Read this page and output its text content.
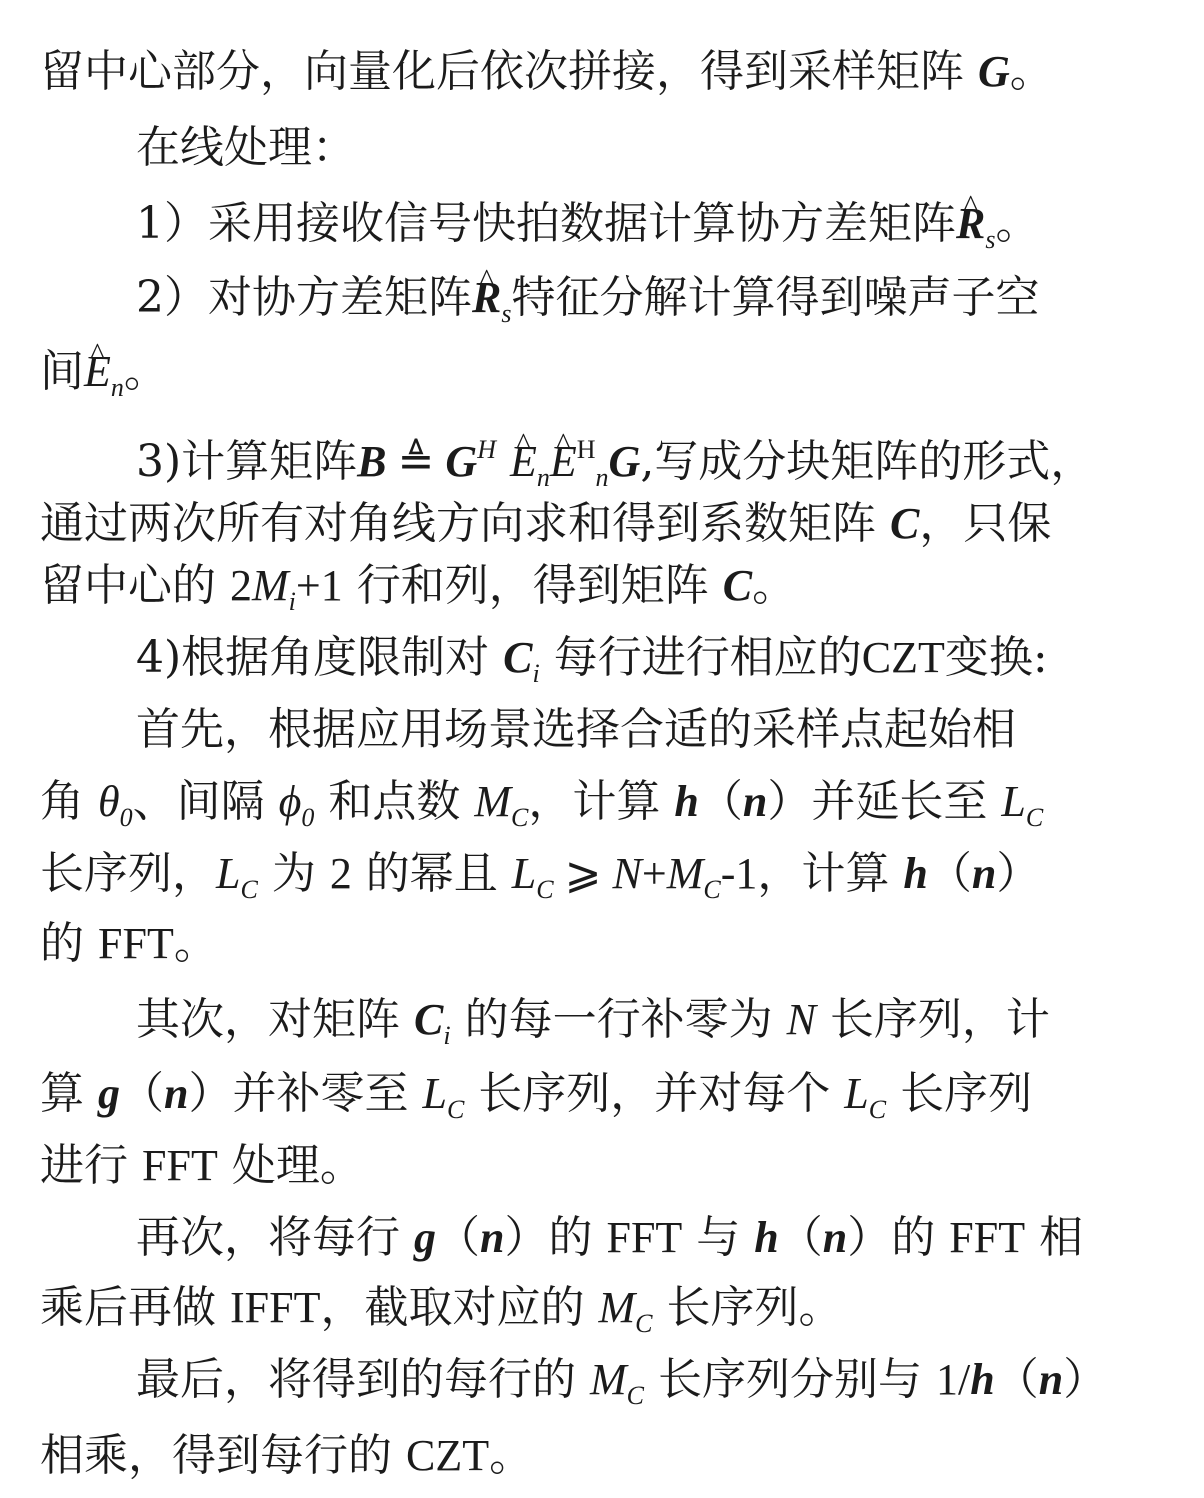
留中心部分，向量化后依次拼接，得到采样矩阵 G。
在线处理：
1）采用接收信号快拍数据计算协方差矩阵^ $R_s$。
2）对协方差矩阵^ $R_s$特征分解计算得到噪声子空
间^ $E_n$。
3)计算矩阵B ≜ $G^H$ ^ $E_n\^{}$ $E^H_nG$,写成分块矩阵的形式，
通过两次所有对角线方向求和得到系数矩阵 C，只保
留中心的 $2M_i+1$ 行和列，得到矩阵 C。
4)根据角度限制对 $C_i$ 每行进行相应的CZT变换:
首先，根据应用场景选择合适的采样点起始相
角 $\theta_0$、间隔 $\phi_0$ 和点数 $M_C$，计算 h（n）并延长至 $L_C$
长序列，$L_C$ 为 2 的幂且 $L_C$ ⩾ $N+M_C-1$，计算 h（n）
的 FFT。
其次，对矩阵 $C_i$ 的每一行补零为 N 长序列，计
算 g（n）并补零至 $L_C$ 长序列，并对每个 $L_C$ 长序列
进行 FFT 处理。
再次，将每行 g（n）的 FFT 与 h（n）的 FFT 相
乘后再做 IFFT，截取对应的 $M_C$ 长序列。
最后，将得到的每行的 $M_C$ 长序列分别与 1/h（n）
相乘，得到每行的 CZT。
